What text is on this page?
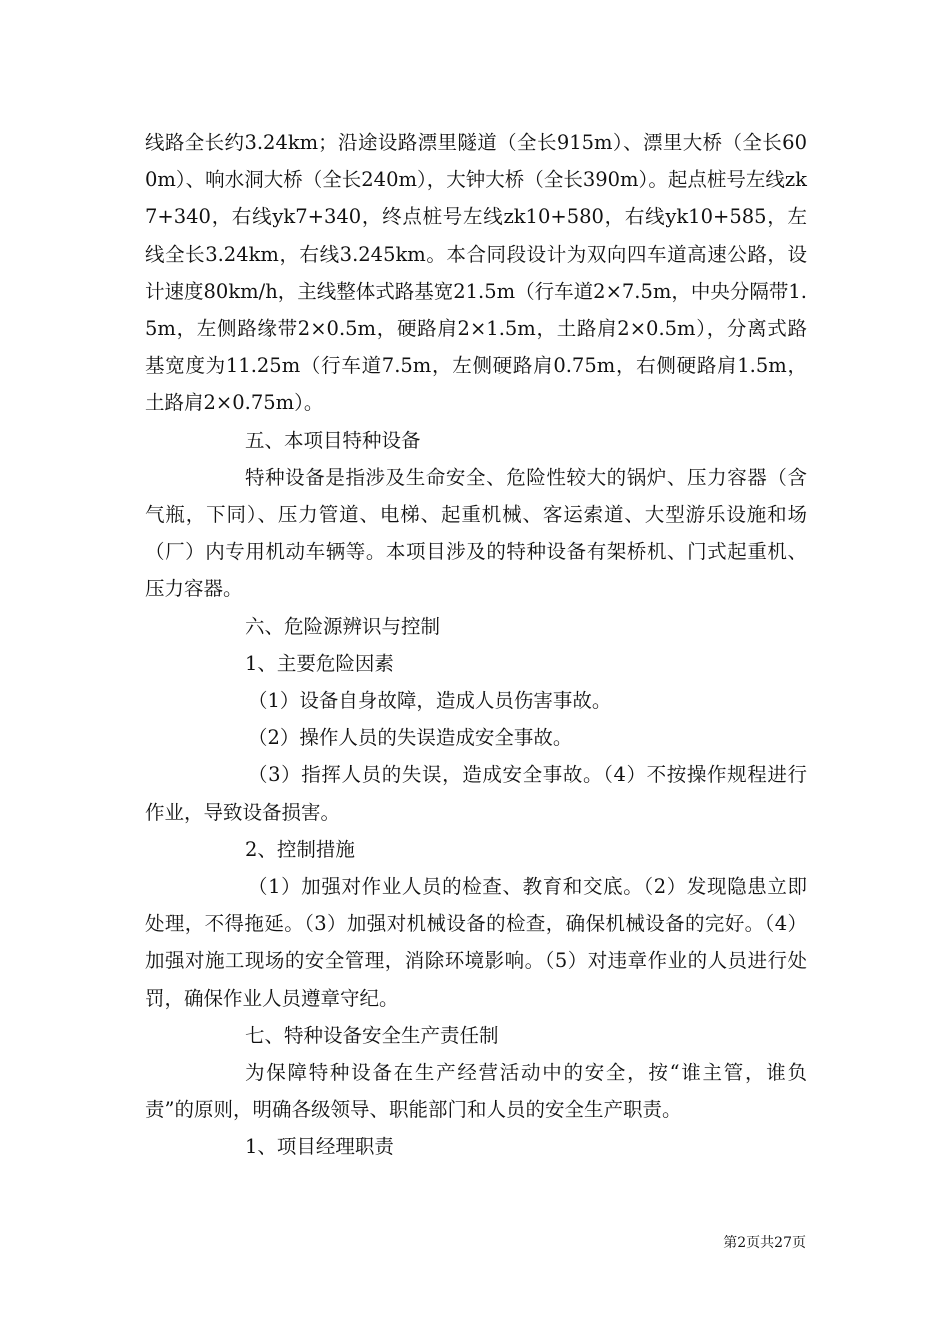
线路全长约3.24km；沿途设路漂里隧道（全长915m）、漂里大桥（全长600m）、响水洞大桥（全长240m），大钟大桥（全长390m）。起点桩号左线zk7+340，右线yk7+340，终点桩号左线zk10+580，右线yk10+585，左线全长3.24km，右线3.245km。本合同段设计为双向四车道高速公路，设计速度80km/h，主线整体式路基宽21.5m（行车道2×7.5m，中央分隔带1.5m，左侧路缘带2×0.5m，硬路肩2×1.5m，土路肩2×0.5m），分离式路基宽度为11.25m（行车道7.5m，左侧硬路肩0.75m，右侧硬路肩1.5m，土路肩2×0.75m）。

五、本项目特种设备

特种设备是指涉及生命安全、危险性较大的锅炉、压力容器（含气瓶，下同）、压力管道、电梯、起重机械、客运索道、大型游乐设施和场（厂）内专用机动车辆等。本项目涉及的特种设备有架桥机、门式起重机、压力容器。

六、危险源辨识与控制

1、主要危险因素

（1）设备自身故障，造成人员伤害事故。

（2）操作人员的失误造成安全事故。

（3）指挥人员的失误，造成安全事故。（4）不按操作规程进行作业，导致设备损害。

2、控制措施

（1）加强对作业人员的检查、教育和交底。（2）发现隐患立即处理，不得拖延。（3）加强对机械设备的检查，确保机械设备的完好。（4）加强对施工现场的安全管理，消除环境影响。（5）对违章作业的人员进行处罚，确保作业人员遵章守纪。

七、特种设备安全生产责任制

为保障特种设备在生产经营活动中的安全，按“谁主管，谁负责”的原则，明确各级领导、职能部门和人员的安全生产职责。

1、项目经理职责

第2页共27页
